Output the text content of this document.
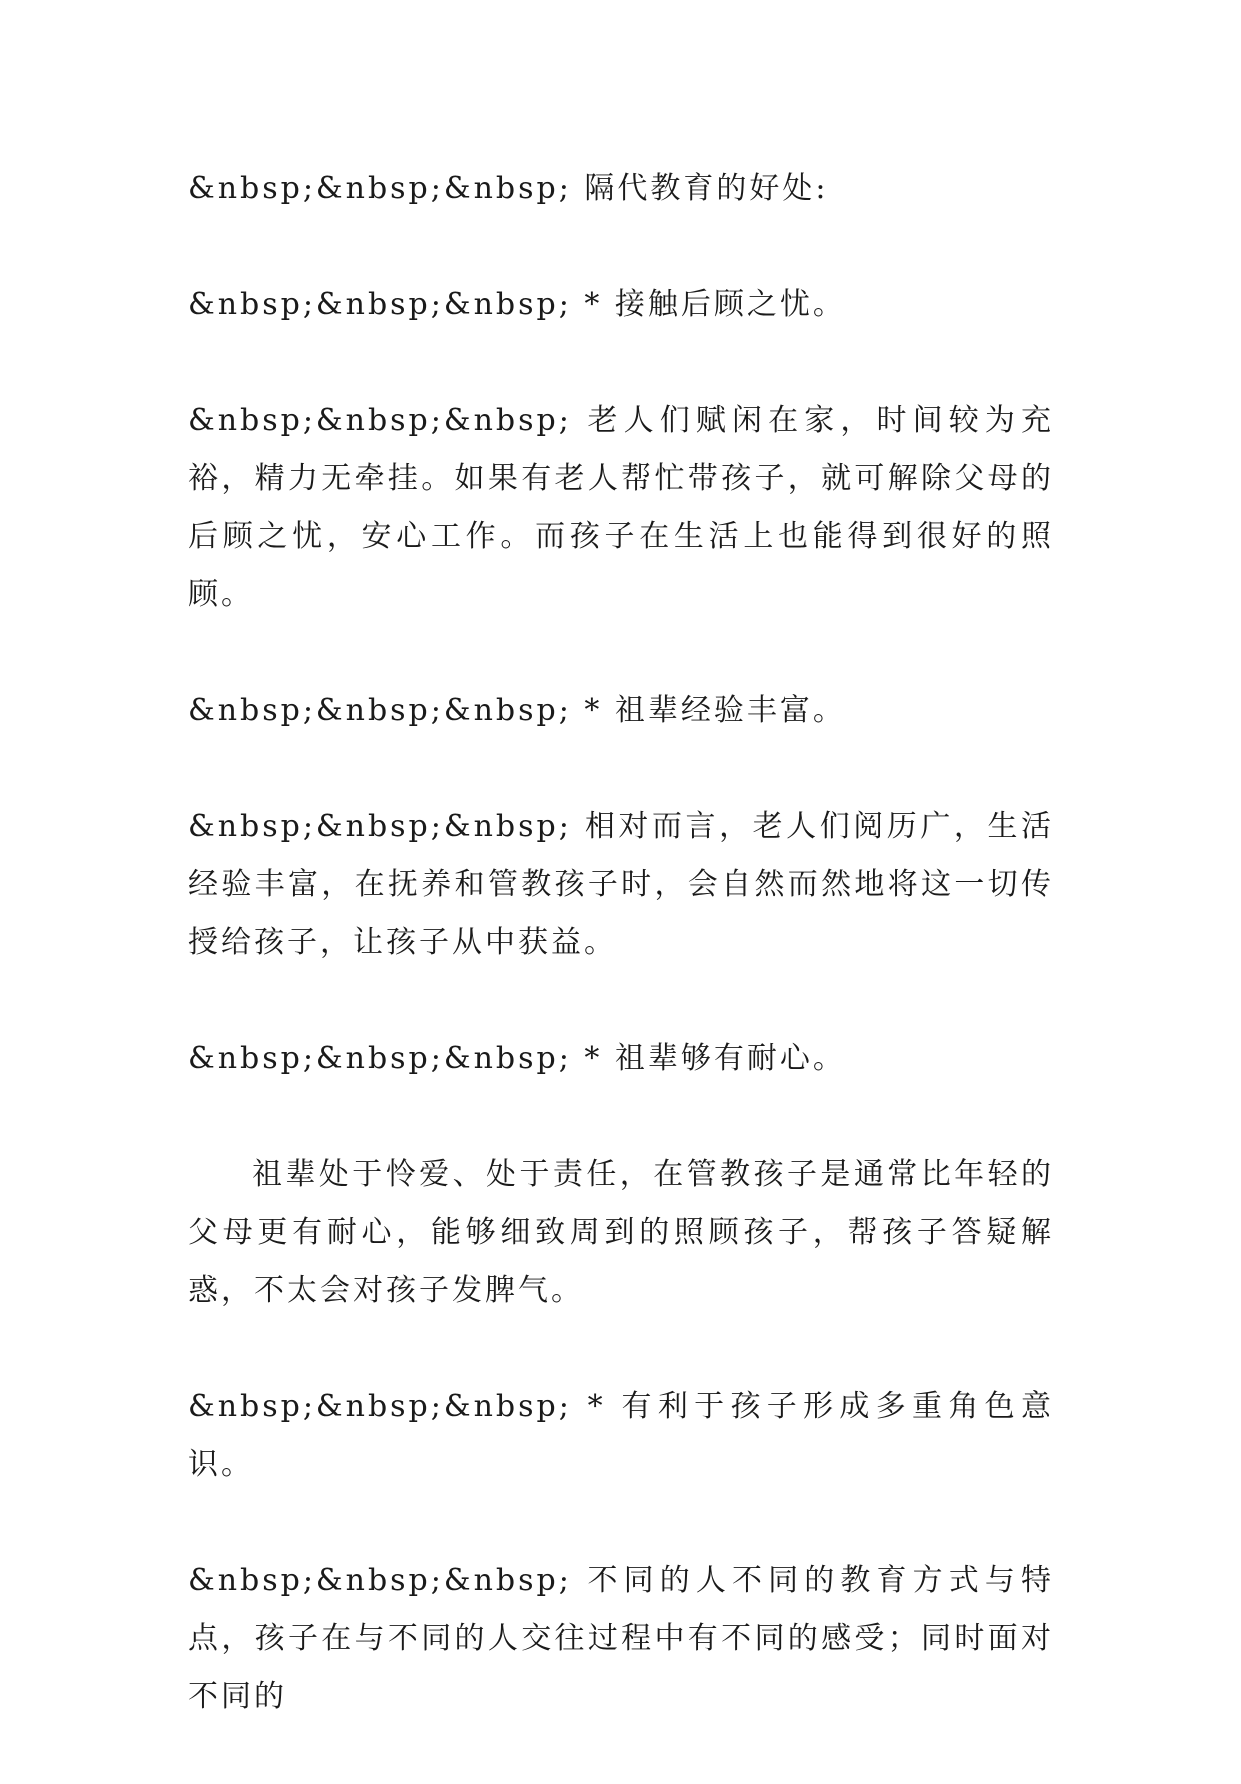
&nbsp;&nbsp;&nbsp; 隔代教育的好处:

&nbsp;&nbsp;&nbsp; * 接触后顾之忧。

&nbsp;&nbsp;&nbsp; 老人们赋闲在家，时间较为充裕，精力无牵挂。如果有老人帮忙带孩子，就可解除父母的后顾之忧，安心工作。而孩子在生活上也能得到很好的照顾。

&nbsp;&nbsp;&nbsp; * 祖辈经验丰富。

&nbsp;&nbsp;&nbsp; 相对而言，老人们阅历广，生活经验丰富，在抚养和管教孩子时，会自然而然地将这一切传授给孩子，让孩子从中获益。

&nbsp;&nbsp;&nbsp; * 祖辈够有耐心。

祖辈处于怜爱、处于责任，在管教孩子是通常比年轻的父母更有耐心，能够细致周到的照顾孩子，帮孩子答疑解惑，不太会对孩子发脾气。

&nbsp;&nbsp;&nbsp; * 有利于孩子形成多重角色意识。

&nbsp;&nbsp;&nbsp; 不同的人不同的教育方式与特点，孩子在与不同的人交往过程中有不同的感受；同时面对不同的
